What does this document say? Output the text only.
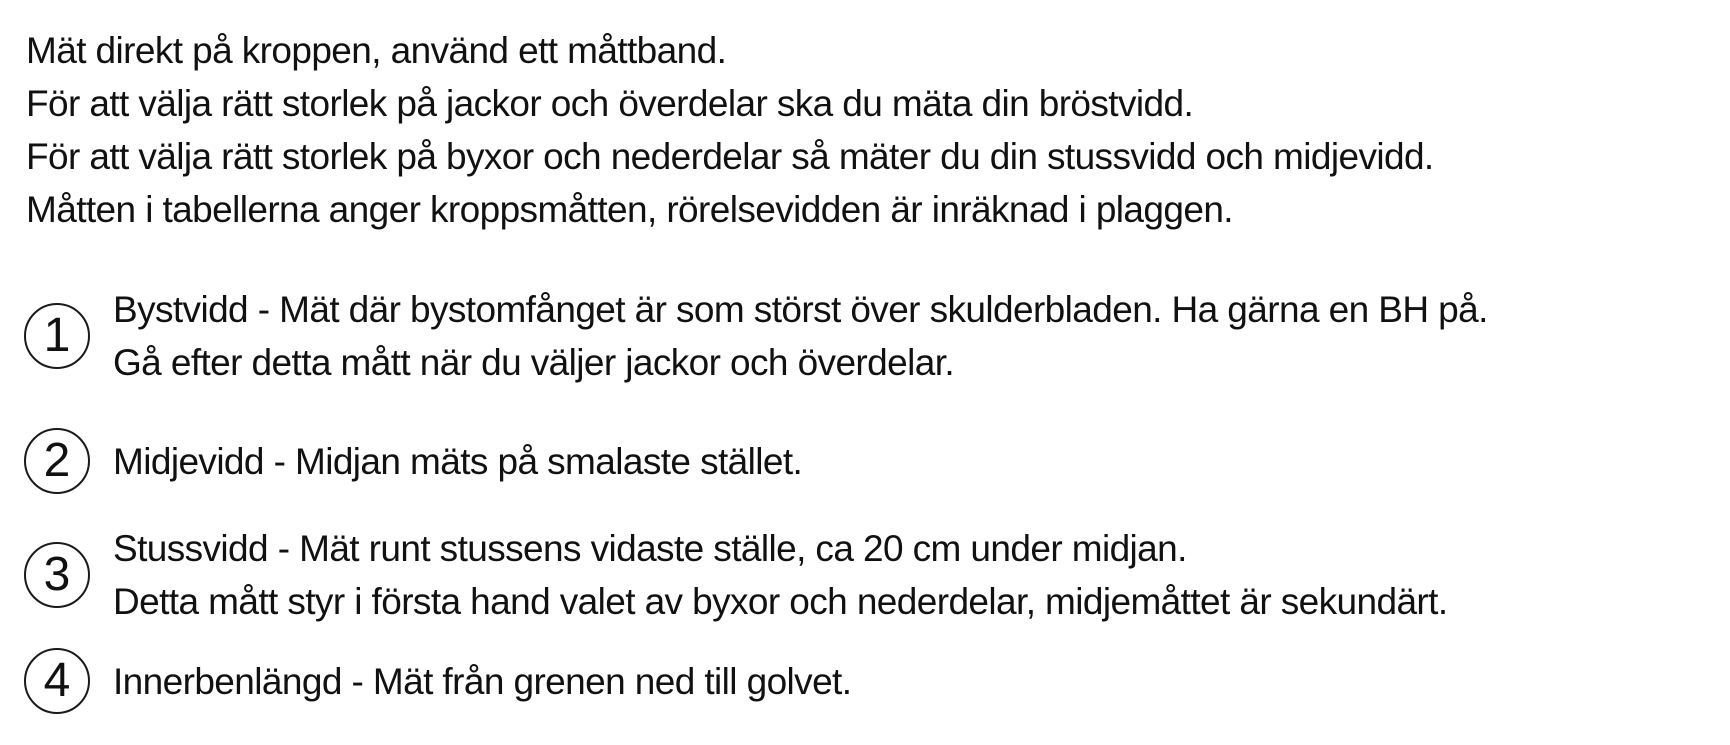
Mät direkt på kroppen, använd ett måttband.
För att välja rätt storlek på jackor och överdelar ska du mäta din bröstvidd.
För att välja rätt storlek på byxor och nederdelar så mäter du din stussvidd och midjevidd.
Måtten i tabellerna anger kroppsmåtten, rörelsevidden är inräknad i plaggen.
1	Bystvidd - Mät där bystomfånget är som störst över skulderbladen. Ha gärna en BH på.
Gå efter detta mått när du väljer jackor och överdelar.
2	Midjevidd - Midjan mäts på smalaste stället.
3	Stussvidd - Mät runt stussens vidaste ställe, ca 20 cm under midjan.
Detta mått styr i första hand valet av byxor och nederdelar, midjemåttet är sekundärt.
4	Innerbenlängd - Mät från grenen ned till golvet.
